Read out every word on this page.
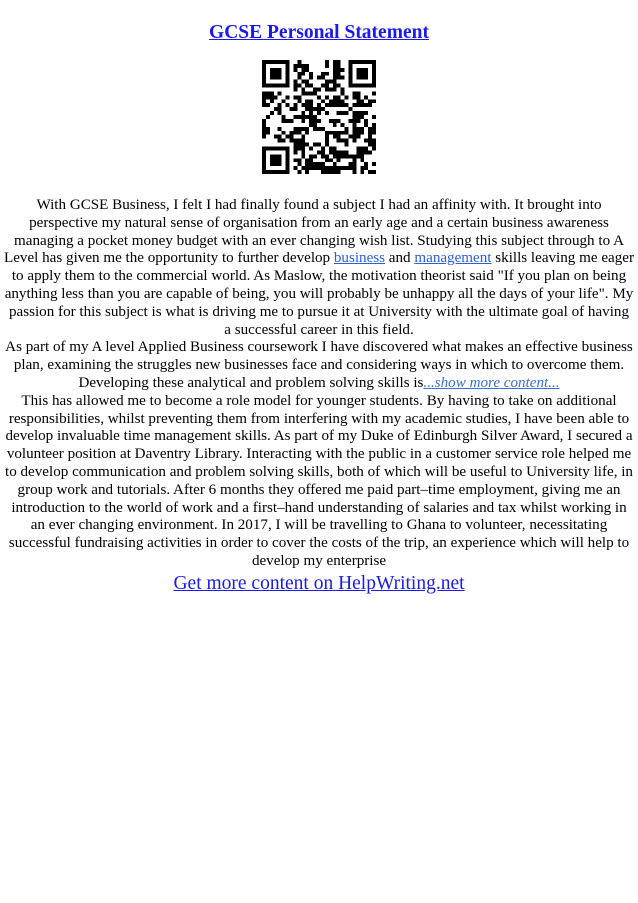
GCSE Personal Statement

With GCSE Business, I felt I had finally found a subject I had an affinity with. It brought into perspective my natural sense of organisation from an early age and a certain business awareness managing a pocket money budget with an ever changing wish list. Studying this subject through to A Level has given me the opportunity to further develop business and management skills leaving me eager to apply them to the commercial world. As Maslow, the motivation theorist said "If you plan on being anything less than you are capable of being, you will probably be unhappy all the days of your life". My passion for this subject is what is driving me to pursue it at University with the ultimate goal of having a successful career in this field.

As part of my A level Applied Business coursework I have discovered what makes an effective business plan, examining the struggles new businesses face and considering ways in which to overcome them. Developing these analytical and problem solving skills is...show more content...

This has allowed me to become a role model for younger students. By having to take on additional responsibilities, whilst preventing them from interfering with my academic studies, I have been able to develop invaluable time management skills. As part of my Duke of Edinburgh Silver Award, I secured a volunteer position at Daventry Library. Interacting with the public in a customer service role helped me to develop communication and problem solving skills, both of which will be useful to University life, in group work and tutorials. After 6 months they offered me paid part–time employment, giving me an introduction to the world of work and a first–hand understanding of salaries and tax whilst working in an ever changing environment. In 2017, I will be travelling to Ghana to volunteer, necessitating successful fundraising activities in order to cover the costs of the trip, an experience which will help to develop my enterprise

Get more content on HelpWriting.net
